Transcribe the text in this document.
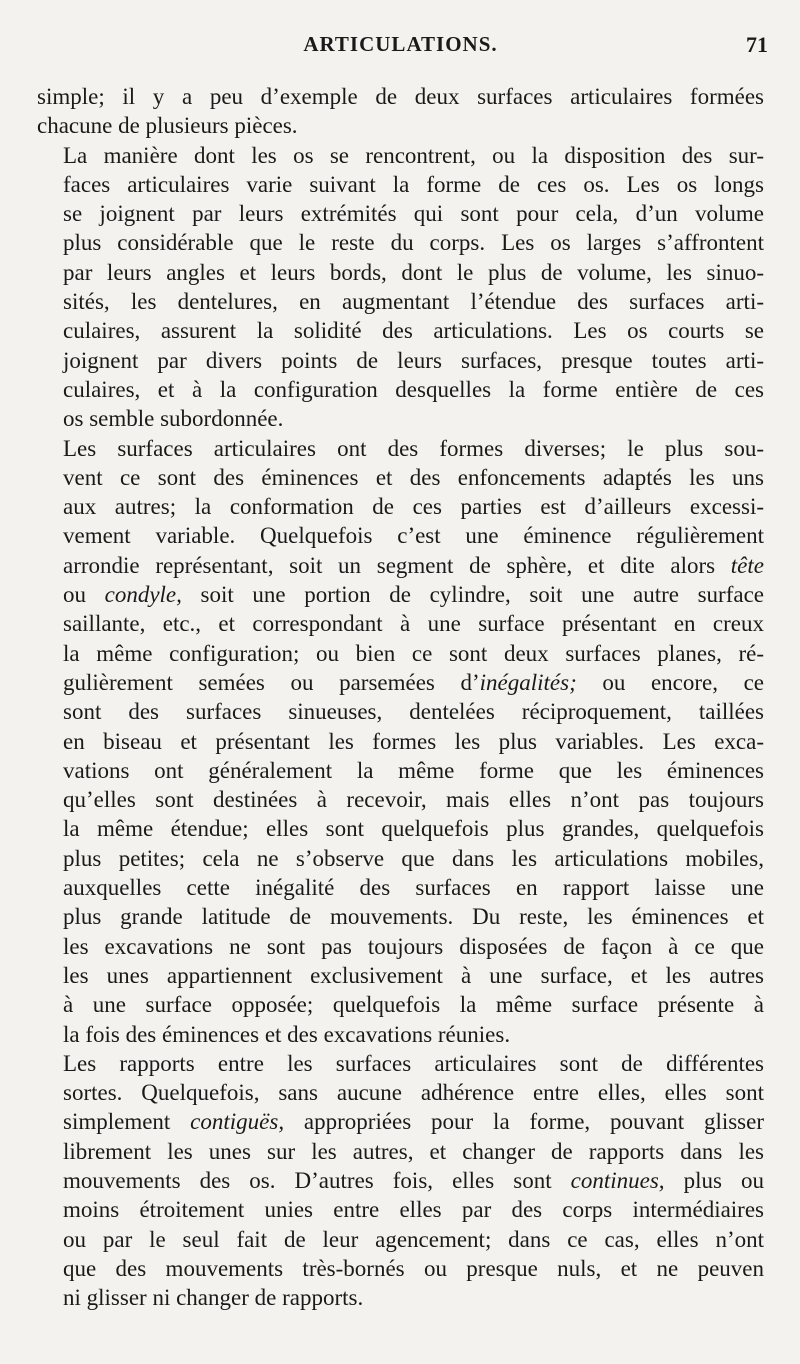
ARTICULATIONS.	71

simple; il y a peu d’exemple de deux surfaces articulaires formées
chacune de plusieurs pièces.

La manière dont les os se rencontrent, ou la disposition des sur-
faces articulaires varie suivant la forme de ces os. Les os longs
se joignent par leurs extrémités qui sont pour cela, d’un volume
plus considérable que le reste du corps. Les os larges s’affrontent
par leurs angles et leurs bords, dont le plus de volume, les sinuo-
sités, les dentelures, en augmentant l’étendue des surfaces arti-
culaires, assurent la solidité des articulations. Les os courts se
joignent par divers points de leurs surfaces, presque toutes arti-
culaires, et à la configuration desquelles la forme entière de ces
os semble subordonnée.

Les surfaces articulaires ont des formes diverses; le plus sou-
vent ce sont des éminences et des enfoncements adaptés les uns
aux autres; la conformation de ces parties est d’ailleurs excessi-
vement variable. Quelquefois c’est une éminence régulièrement
arrondie représentant, soit un segment de sphère, et dite alors tête
ou condyle, soit une portion de cylindre, soit une autre surface
saillante, etc., et correspondant à une surface présentant en creux
la même configuration; ou bien ce sont deux surfaces planes, ré-
gulièrement semées ou parsemées d’inégalités; ou encore, ce
sont des surfaces sinueuses, dentelées réciproquement, taillées
en biseau et présentant les formes les plus variables. Les exca-
vations ont généralement la même forme que les éminences
qu’elles sont destinées à recevoir, mais elles n’ont pas toujours
la même étendue; elles sont quelquefois plus grandes, quelquefois
plus petites; cela ne s’observe que dans les articulations mobiles,
auxquelles cette inégalité des surfaces en rapport laisse une
plus grande latitude de mouvements. Du reste, les éminences et
les excavations ne sont pas toujours disposées de façon à ce que
les unes appartiennent exclusivement à une surface, et les autres
à une surface opposée; quelquefois la même surface présente à
la fois des éminences et des excavations réunies.

Les rapports entre les surfaces articulaires sont de différentes
sortes. Quelquefois, sans aucune adhérence entre elles, elles sont
simplement contiguës, appropriées pour la forme, pouvant glisser
librement les unes sur les autres, et changer de rapports dans les
mouvements des os. D’autres fois, elles sont continues, plus ou
moins étroitement unies entre elles par des corps intermédiaires
ou par le seul fait de leur agencement; dans ce cas, elles n’ont
que des mouvements très-bornés ou presque nuls, et ne peuven
ni glisser ni changer de rapports.
